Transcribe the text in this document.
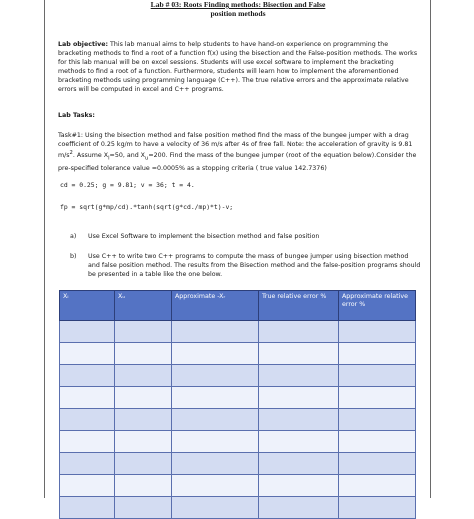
Lab # 03: Roots Finding methods: Bisection and False
position methods
Lab objective: This lab manual aims to help students to have hand-on experience on programming the bracketing methods to find a root of a function f(x) using the bisection and the False-position methods. The works for this lab manual will be on excel sessions. Students will use excel software to implement the bracketing methods to find a root of a function. Furthermore, students will learn how to implement the aforementioned bracketing methods using programming language (C++). The true relative errors and the approximate relative errors will be computed in excel and C++ programs.
Lab Tasks:
Task#1: Using the bisection method and false position method find the mass of the bungee jumper with a drag coefficient of 0.25 kg/m to have a velocity of 36 m/s after 4s of free fall. Note: the acceleration of gravity is 9.81 $m/s^2$. Assume $X_l=50$, and $X_u=200$. Find the mass of the bungee jumper (root of the equation below).Consider the pre-specified tolerance value =0.0005% as a stopping criteria ( true value 142.7376)
cd = 0.25; g = 9.81; v = 36; t = 4.
fp = sqrt(g*mp/cd).*tanh(sqrt(g*cd./mp)*t)-v;
a) Use Excel Software to implement the bisection method and false position
b) Use C++ to write two C++ programs to compute the mass of bungee jumper using bisection method and false position method. The results from the Bisection method and the false-position programs should be presented in a table like the one below.
Xₗ	Xᵤ	Approximate -Xᵣ	True relative error %	Approximate relative error %
